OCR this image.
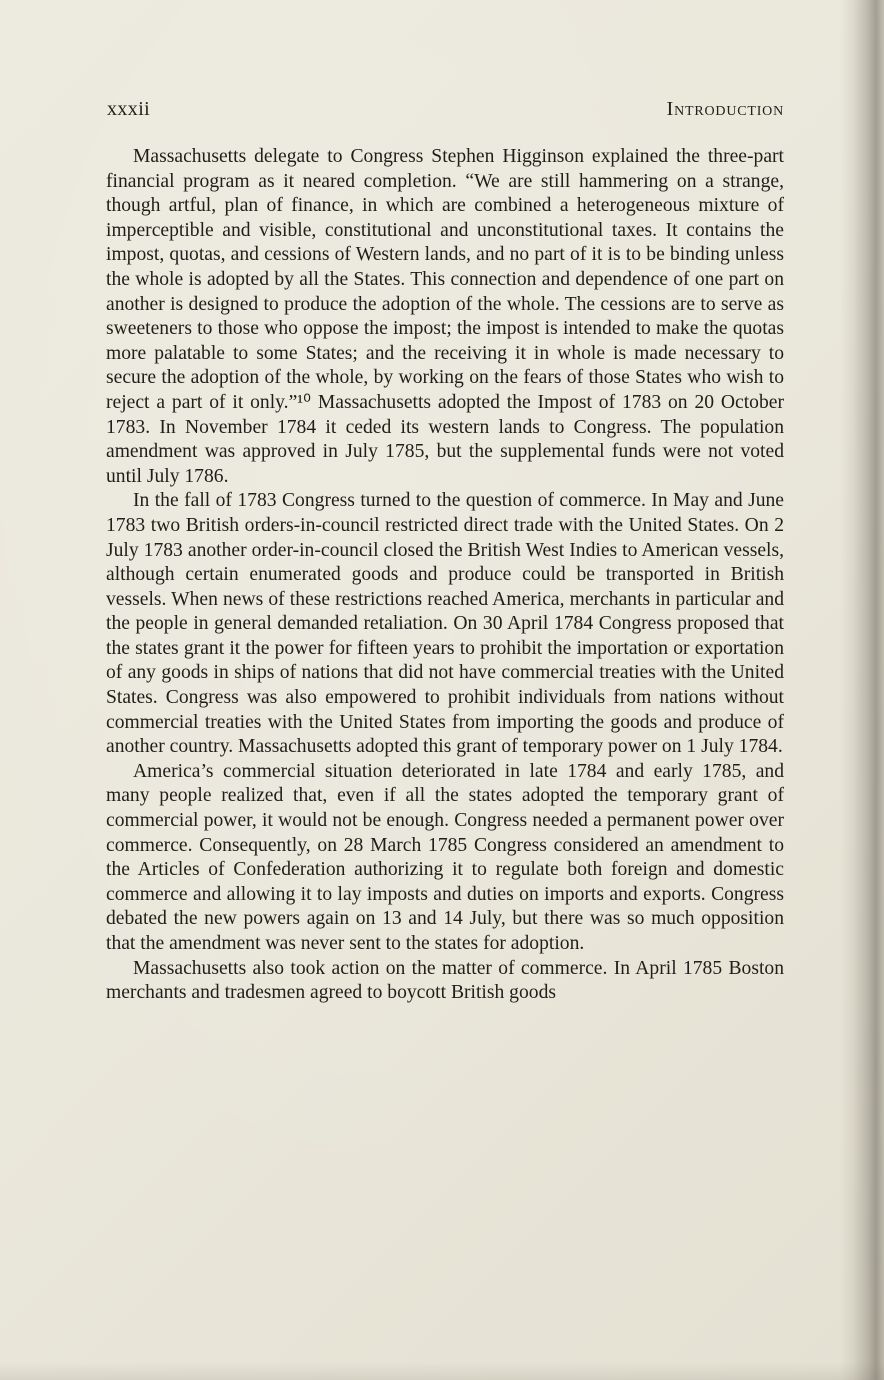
xxxii	Introduction

Massachusetts delegate to Congress Stephen Higginson explained the three-part financial program as it neared completion. “We are still hammering on a strange, though artful, plan of finance, in which are combined a heterogeneous mixture of imperceptible and visible, constitutional and unconstitutional taxes. It contains the impost, quotas, and cessions of Western lands, and no part of it is to be binding unless the whole is adopted by all the States. This connection and dependence of one part on another is designed to produce the adoption of the whole. The cessions are to serve as sweeteners to those who oppose the impost; the impost is intended to make the quotas more palatable to some States; and the receiving it in whole is made necessary to secure the adoption of the whole, by working on the fears of those States who wish to reject a part of it only.”¹⁰ Massachusetts adopted the Impost of 1783 on 20 October 1783. In November 1784 it ceded its western lands to Congress. The population amendment was approved in July 1785, but the supplemental funds were not voted until July 1786.

In the fall of 1783 Congress turned to the question of commerce. In May and June 1783 two British orders-in-council restricted direct trade with the United States. On 2 July 1783 another order-in-council closed the British West Indies to American vessels, although certain enumerated goods and produce could be transported in British vessels. When news of these restrictions reached America, merchants in particular and the people in general demanded retaliation. On 30 April 1784 Congress proposed that the states grant it the power for fifteen years to prohibit the importation or exportation of any goods in ships of nations that did not have commercial treaties with the United States. Congress was also empowered to prohibit individuals from nations without commercial treaties with the United States from importing the goods and produce of another country. Massachusetts adopted this grant of temporary power on 1 July 1784.

America’s commercial situation deteriorated in late 1784 and early 1785, and many people realized that, even if all the states adopted the temporary grant of commercial power, it would not be enough. Congress needed a permanent power over commerce. Consequently, on 28 March 1785 Congress considered an amendment to the Articles of Confederation authorizing it to regulate both foreign and domestic commerce and allowing it to lay imposts and duties on imports and exports. Congress debated the new powers again on 13 and 14 July, but there was so much opposition that the amendment was never sent to the states for adoption.

Massachusetts also took action on the matter of commerce. In April 1785 Boston merchants and tradesmen agreed to boycott British goods
